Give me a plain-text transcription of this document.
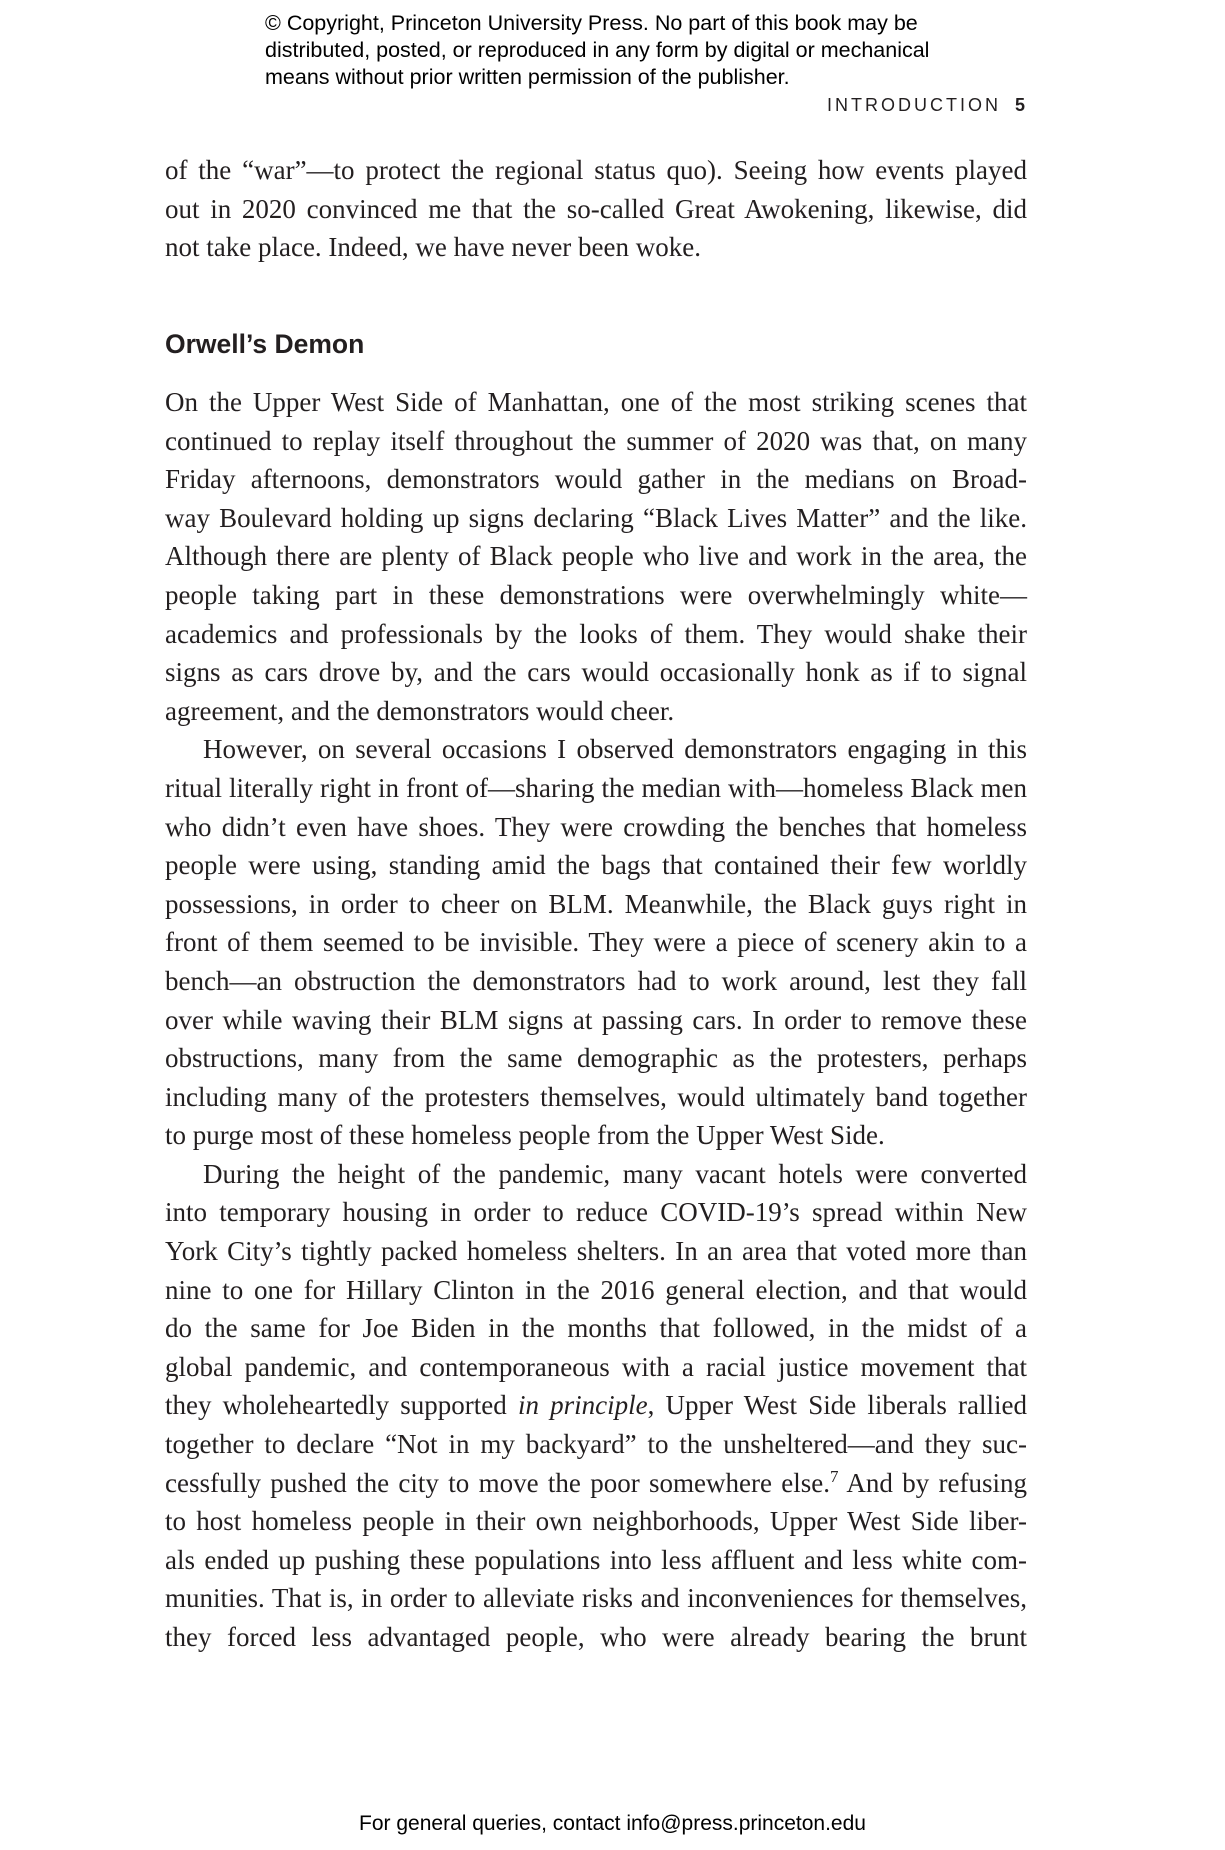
© Copyright, Princeton University Press. No part of this book may be
distributed, posted, or reproduced in any form by digital or mechanical
means without prior written permission of the publisher.
INTRODUCTION 5
of the “war”—to protect the regional status quo). Seeing how events played
out in 2020 convinced me that the so-called Great Awokening, likewise, did
not take place. Indeed, we have never been woke.
Orwell’s Demon
On the Upper West Side of Manhattan, one of the most striking scenes that
continued to replay itself throughout the summer of 2020 was that, on many
Friday afternoons, demonstrators would gather in the medians on Broad-
way Boulevard holding up signs declaring “Black Lives Matter” and the like.
Although there are plenty of Black people who live and work in the area, the
people taking part in these demonstrations were overwhelmingly white—
academics and professionals by the looks of them. They would shake their
signs as cars drove by, and the cars would occasionally honk as if to signal
agreement, and the demonstrators would cheer.
However, on several occasions I observed demonstrators engaging in this
ritual literally right in front of—sharing the median with—homeless Black men
who didn’t even have shoes. They were crowding the benches that homeless
people were using, standing amid the bags that contained their few worldly
possessions, in order to cheer on BLM. Meanwhile, the Black guys right in
front of them seemed to be invisible. They were a piece of scenery akin to a
bench—an obstruction the demonstrators had to work around, lest they fall
over while waving their BLM signs at passing cars. In order to remove these
obstructions, many from the same demographic as the protesters, perhaps
including many of the protesters themselves, would ultimately band together
to purge most of these homeless people from the Upper West Side.
During the height of the pandemic, many vacant hotels were converted
into temporary housing in order to reduce COVID-19’s spread within New
York City’s tightly packed homeless shelters. In an area that voted more than
nine to one for Hillary Clinton in the 2016 general election, and that would
do the same for Joe Biden in the months that followed, in the midst of a
global pandemic, and contemporaneous with a racial justice movement that
they wholeheartedly supported in principle, Upper West Side liberals rallied
together to declare “Not in my backyard” to the unsheltered—and they suc-
cessfully pushed the city to move the poor somewhere else.$^7$ And by refusing
to host homeless people in their own neighborhoods, Upper West Side liber-
als ended up pushing these populations into less affluent and less white com-
munities. That is, in order to alleviate risks and inconveniences for themselves,
they forced less advantaged people, who were already bearing the brunt
For general queries, contact info@press.princeton.edu
